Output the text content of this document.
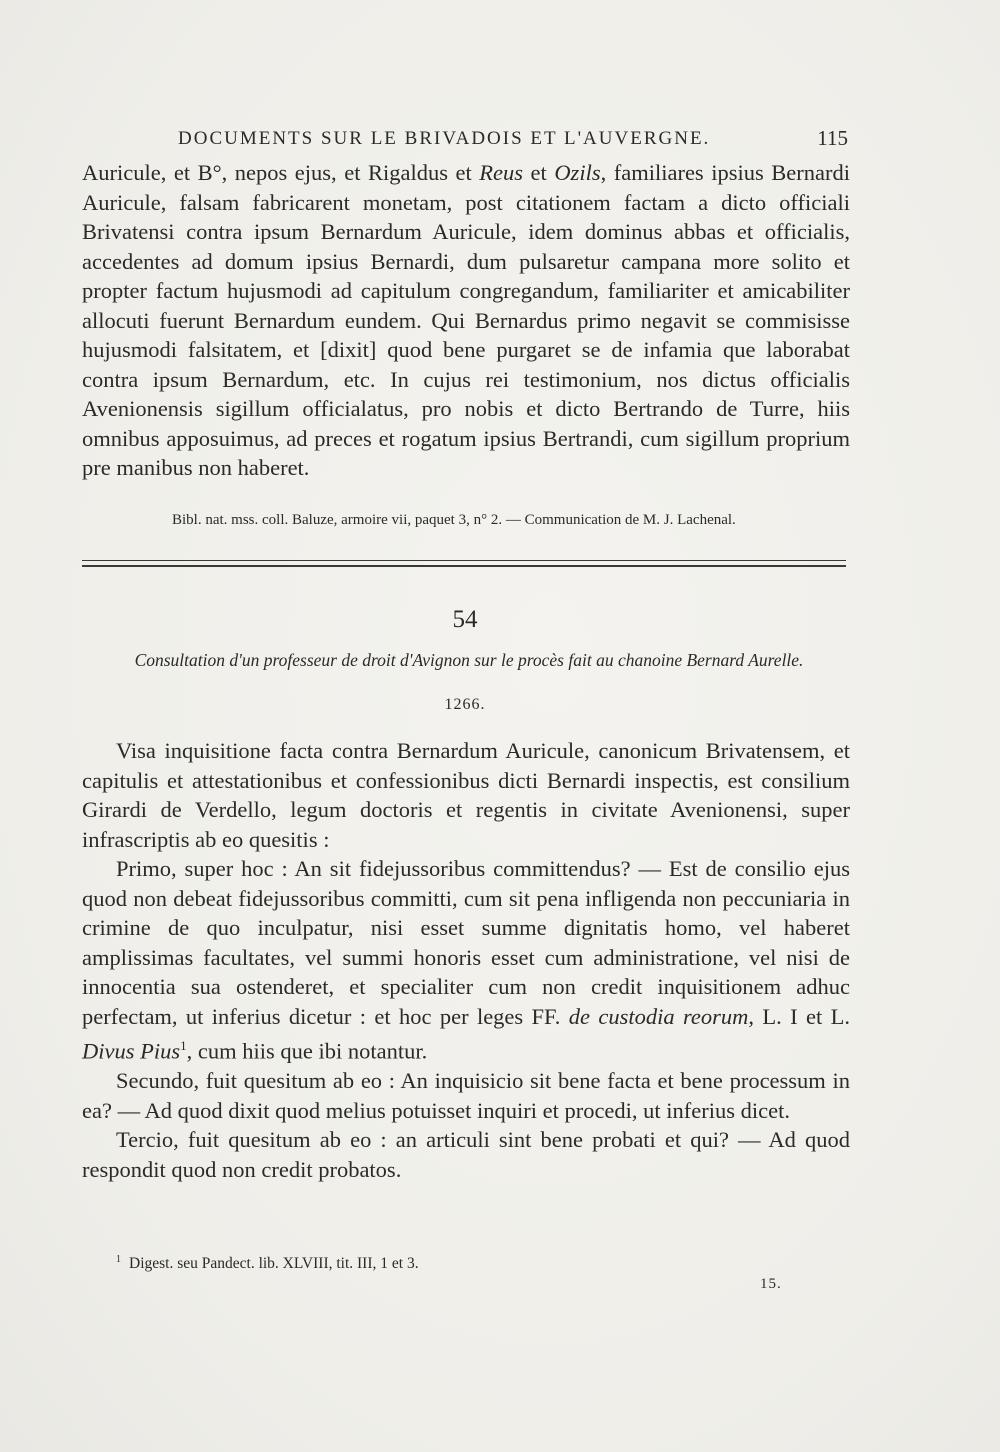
DOCUMENTS SUR LE BRIVADOIS ET L'AUVERGNE.	115

Auricule, et B°, nepos ejus, et Rigaldus et Reus et Ozils, familiares ipsius Bernardi Auricule, falsam fabricarent monetam, post citationem factam a dicto officiali Brivatensi contra ipsum Bernardum Auricule, idem dominus abbas et officialis, accedentes ad domum ipsius Bernardi, dum pulsaretur campana more solito et propter factum hujusmodi ad capitulum congregandum, familiariter et amicabiliter allocuti fuerunt Bernardum eundem. Qui Bernardus primo negavit se commisisse hujusmodi falsitatem, et [dixit] quod bene purgaret se de infamia que laborabat contra ipsum Bernardum, etc. In cujus rei testimonium, nos dictus officialis Avenionensis sigillum officialatus, pro nobis et dicto Bertrando de Turre, hiis omnibus apposuimus, ad preces et rogatum ipsius Bertrandi, cum sigillum proprium pre manibus non haberet.

Bibl. nat. mss. coll. Baluze, armoire vii, paquet 3, n° 2. — Communication de M. J. Lachenal.
54
Consultation d'un professeur de droit d'Avignon sur le procès fait au chanoine Bernard Aurelle.
1266.

Visa inquisitione facta contra Bernardum Auricule, canonicum Brivatensem, et capitulis et attestationibus et confessionibus dicti Bernardi inspectis, est consilium Girardi de Verdello, legum doctoris et regentis in civitate Avenionensi, super infrascriptis ab eo quesitis :

Primo, super hoc : An sit fidejussoribus committendus? — Est de consilio ejus quod non debeat fidejussoribus committi, cum sit pena infligenda non peccuniaria in crimine de quo inculpatur, nisi esset summe dignitatis homo, vel haberet amplissimas facultates, vel summi honoris esset cum administratione, vel nisi de innocentia sua ostenderet, et specialiter cum non credit inquisitionem adhuc perfectam, ut inferius dicetur : et hoc per leges FF. de custodia reorum, L. I et L. Divus Pius$^1$, cum hiis que ibi notantur.

Secundo, fuit quesitum ab eo : An inquisicio sit bene facta et bene processum in ea? — Ad quod dixit quod melius potuisset inquiri et procedi, ut inferius dicet.

Tercio, fuit quesitum ab eo : an articuli sint bene probati et qui? — Ad quod respondit quod non credit probatos.

$^1$ Digest. seu Pandect. lib. XLVIII, tit. III, 1 et 3.
15.
